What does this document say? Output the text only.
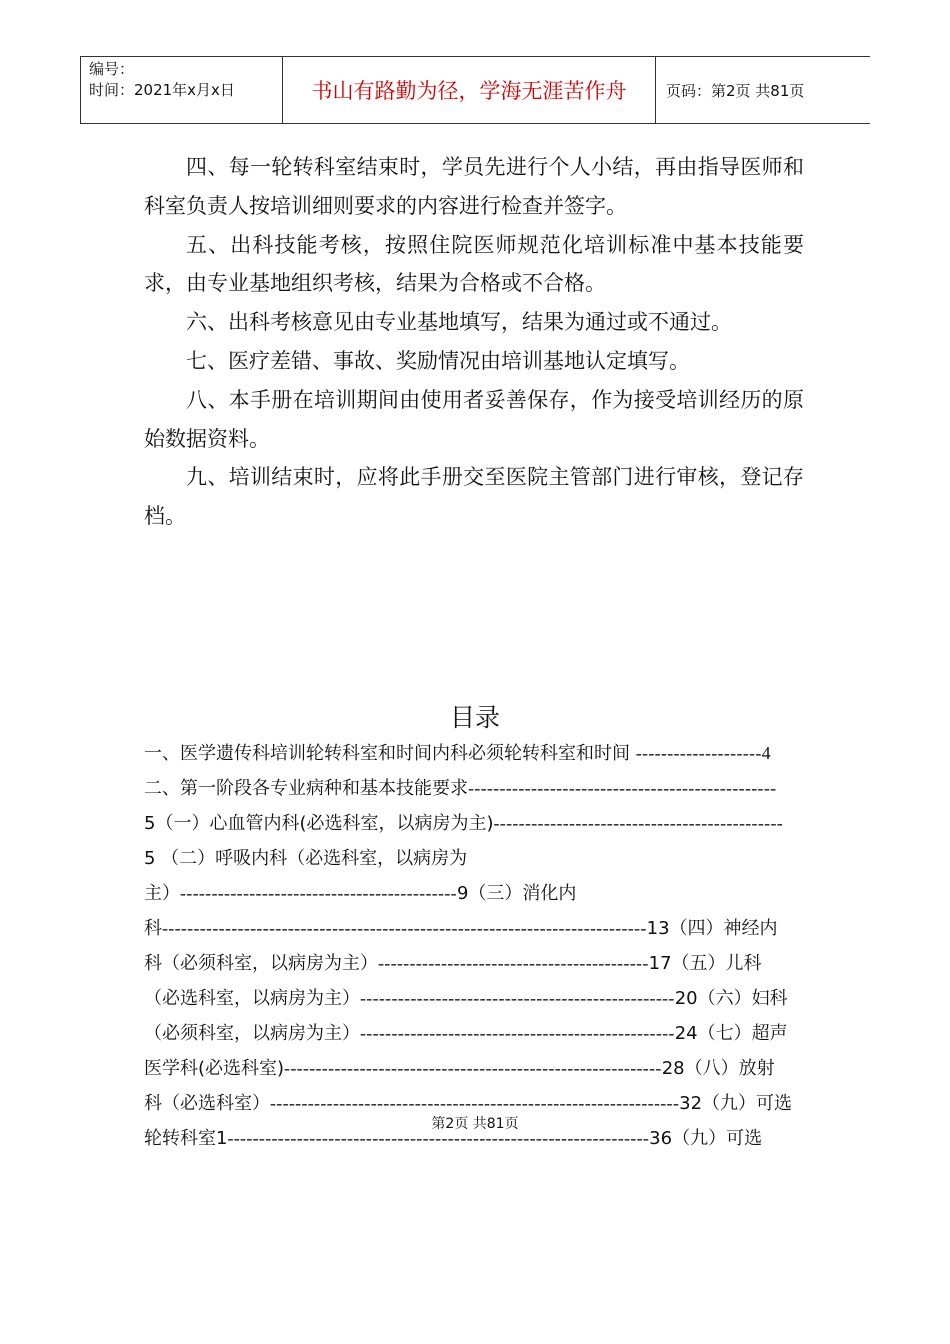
编号：
时间：2021年x月x日	书山有路勤为径，学海无涯苦作舟	页码：第2页 共81页

四、每一轮转科室结束时，学员先进行个人小结，再由指导医师和科室负责人按培训细则要求的内容进行检查并签字。

五、出科技能考核，按照住院医师规范化培训标准中基本技能要求，由专业基地组织考核，结果为合格或不合格。

六、出科考核意见由专业基地填写，结果为通过或不通过。

七、医疗差错、事故、奖励情况由培训基地认定填写。

八、本手册在培训期间由使用者妥善保存，作为接受培训经历的原始数据资料。

九、培训结束时，应将此手册交至医院主管部门进行审核，登记存档。

目录
一、医学遗传科培训轮转科室和时间内科必须轮转科室和时间 --------------------4
二、第一阶段各专业病种和基本技能要求-------------------------------------------------
5（一）心血管内科(必选科室，以病房为主)----------------------------------------------
5 （二）呼吸内科（必选科室，以病房为
主）--------------------------------------------9（三）消化内
科-----------------------------------------------------------------------------13（四）神经内
科（必须科室，以病房为主）-------------------------------------------17（五）儿科
（必选科室，以病房为主）--------------------------------------------------20（六）妇科
（必须科室，以病房为主）--------------------------------------------------24（七）超声
医学科(必选科室)------------------------------------------------------------28（八）放射
科（必选科室）-----------------------------------------------------------------32（九）可选
轮转科室1-------------------------------------------------------------------36（九）可选
第2页 共81页
